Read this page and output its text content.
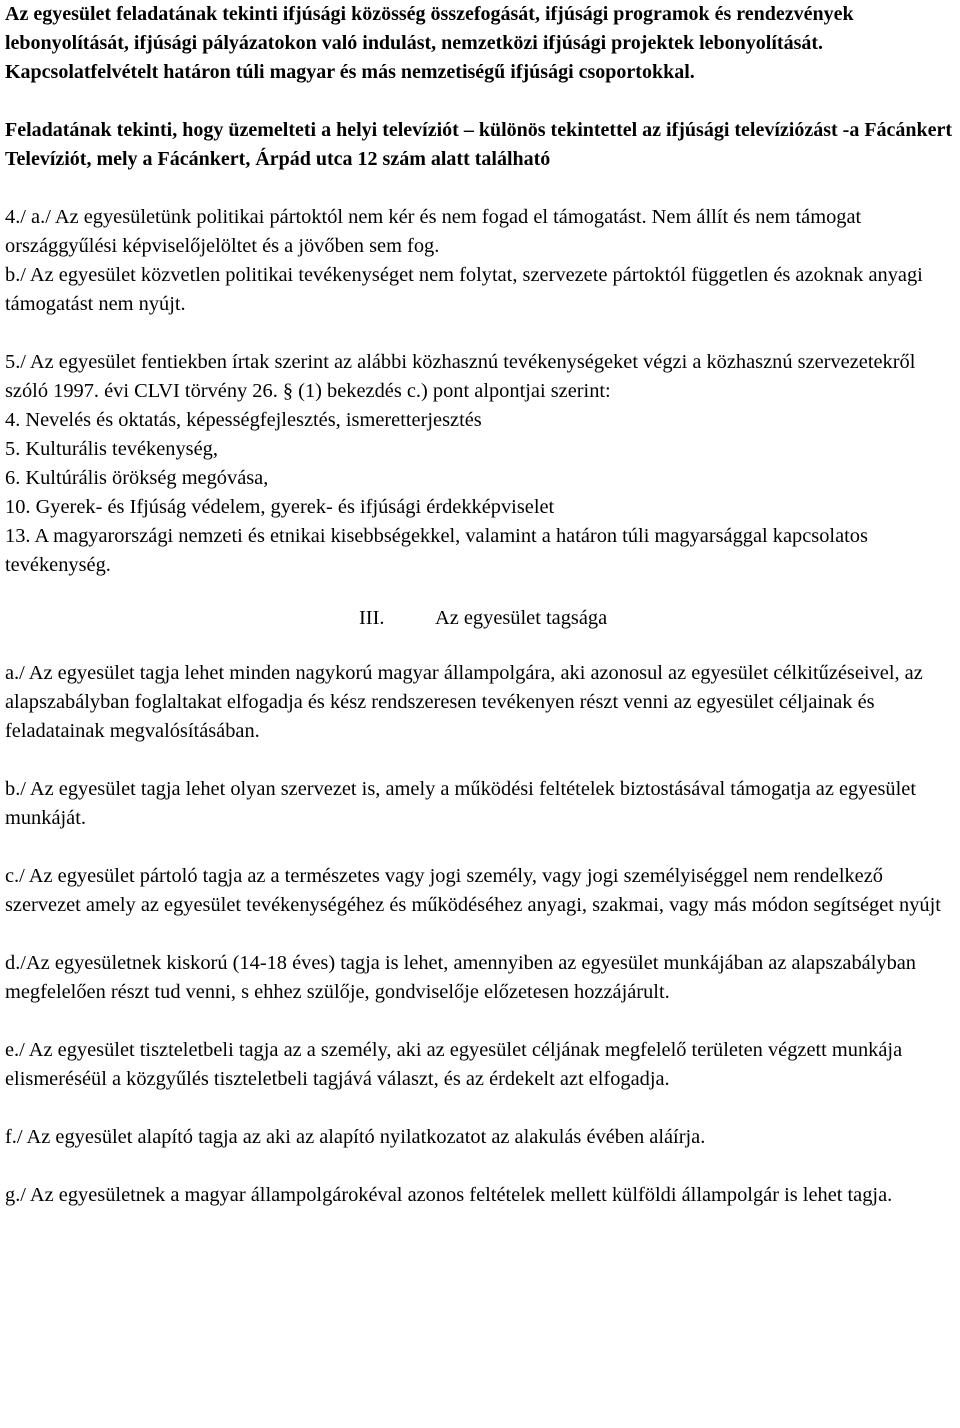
Az egyesület feladatának tekinti ifjúsági közösség összefogását, ifjúsági programok és rendezvények lebonyolítását, ifjúsági pályázatokon való indulást, nemzetközi ifjúsági projektek lebonyolítását. Kapcsolatfelvételt határon túli magyar és más nemzetiségű ifjúsági csoportokkal.

Feladatának tekinti, hogy üzemelteti a helyi televíziót – különös tekintettel az ifjúsági televíziózást -a Fácánkert Televíziót, mely a Fácánkert, Árpád utca 12 szám alatt található

4./ a./ Az egyesületünk politikai pártoktól nem kér és nem fogad el támogatást. Nem állít és nem támogat országgyűlési képviselőjelöltet és a jövőben sem fog.

b./ Az egyesület közvetlen politikai tevékenységet nem folytat, szervezete pártoktól független és azoknak anyagi támogatást nem nyújt.

5./ Az egyesület fentiekben írtak szerint az alábbi közhasznú tevékenységeket végzi a közhasznú szervezetekről szóló 1997. évi CLVI törvény 26. § (1) bekezdés c.) pont alpontjai szerint:

4. Nevelés és oktatás, képességfejlesztés, ismeretterjesztés

5. Kulturális tevékenység,

6. Kultúrális örökség megóvása,

10. Gyerek- és Ifjúság védelem, gyerek- és ifjúsági érdekképviselet

13. A magyarországi nemzeti és etnikai kisebbségekkel, valamint a határon túli magyarsággal kapcsolatos tevékenység.

III. Az egyesület tagsága

a./ Az egyesület tagja lehet minden nagykorú magyar állampolgára, aki azonosul az egyesület célkitűzéseivel, az alapszabályban foglaltakat elfogadja és kész rendszeresen tevékenyen részt venni az egyesület céljainak és feladatainak megvalósításában.

b./ Az egyesület tagja lehet olyan szervezet is, amely a működési feltételek biztostásával támogatja az egyesület munkáját.

c./ Az egyesület pártoló tagja az a természetes vagy jogi személy, vagy jogi személyiséggel nem rendelkező szervezet amely az egyesület tevékenységéhez és működéséhez anyagi, szakmai, vagy más módon segítséget nyújt

d./Az egyesületnek kiskorú (14-18 éves) tagja is lehet, amennyiben az egyesület munkájában az alapszabályban megfelelően részt tud venni, s ehhez szülője, gondviselője előzetesen hozzájárult.

e./ Az egyesület tiszteletbeli tagja az a személy, aki az egyesület céljának megfelelő területen végzett munkája elismeréséül a közgyűlés tiszteletbeli tagjává választ, és az érdekelt azt elfogadja.

f./ Az egyesület alapító tagja az aki az alapító nyilatkozatot az alakulás évében aláírja.

g./ Az egyesületnek a magyar állampolgárokéval azonos feltételek mellett külföldi állampolgár is lehet tagja.
